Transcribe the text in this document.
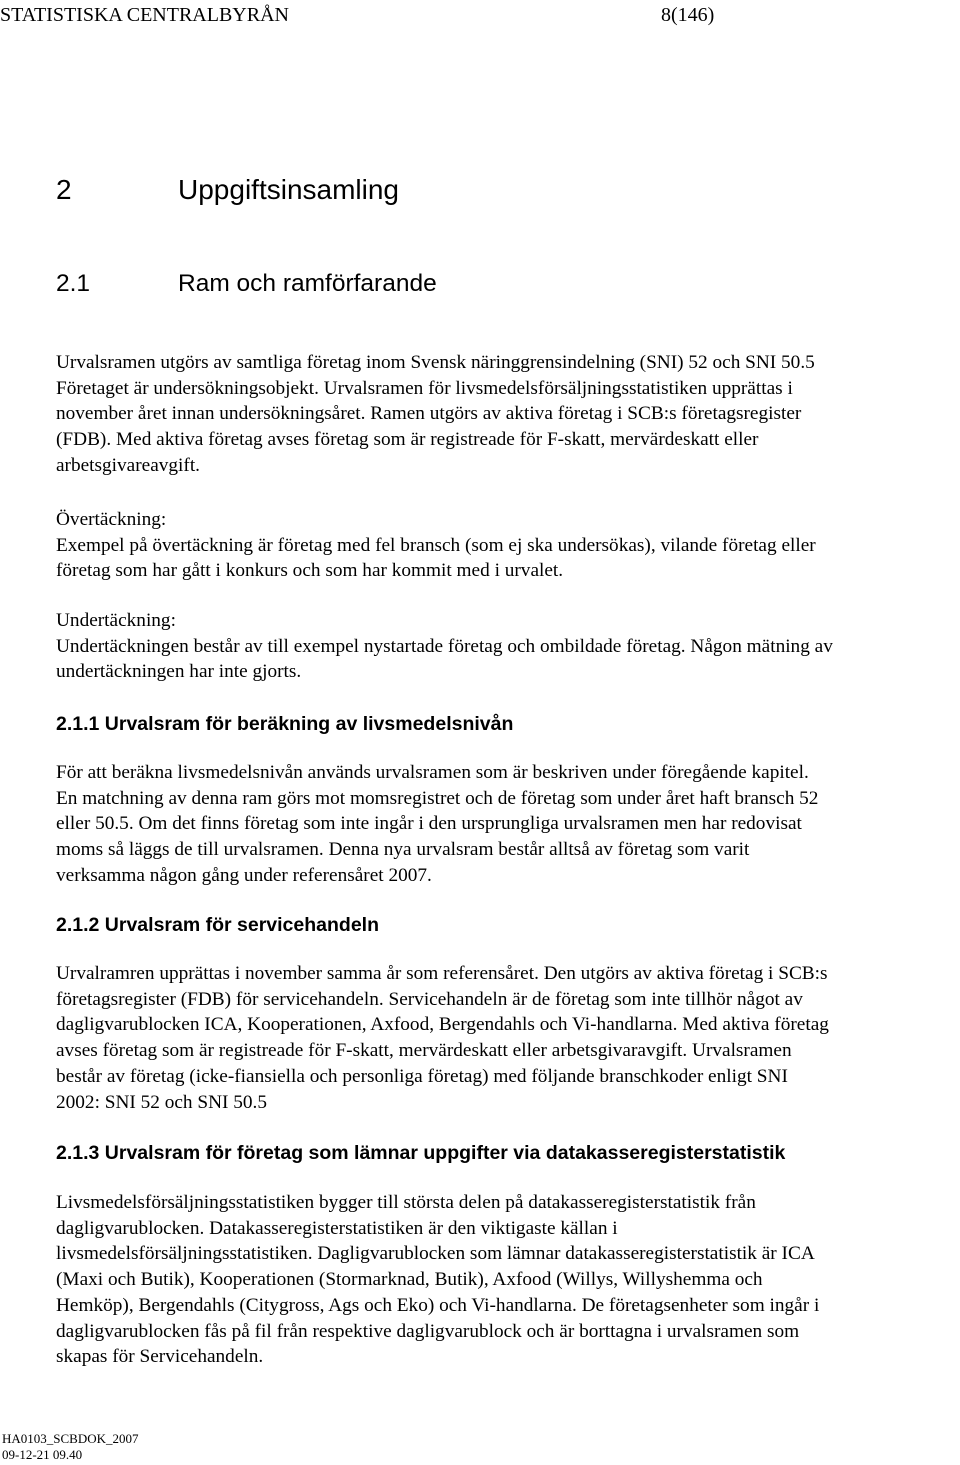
STATISTISKA CENTRALBYRÅN	8(146)
2	Uppgiftsinsamling
2.1	Ram och ramförfarande
Urvalsramen utgörs av samtliga företag inom Svensk näringgrensindelning (SNI) 52 och SNI 50.5
Företaget är undersökningsobjekt. Urvalsramen för livsmedelsförsäljningsstatistiken upprättas i
november året innan undersökningsåret. Ramen utgörs av aktiva företag i SCB:s företagsregister
(FDB). Med aktiva företag avses företag som är registreade för F-skatt, mervärdeskatt eller
arbetsgivareavgift.
Övertäckning:
Exempel på övertäckning är företag med fel bransch (som ej ska undersökas), vilande företag eller
företag som har gått i konkurs och som har kommit med i urvalet.
Undertäckning:
Undertäckningen består av till exempel nystartade företag och ombildade företag. Någon mätning av
undertäckningen har inte gjorts.
2.1.1 Urvalsram för beräkning av livsmedelsnivån
För att beräkna livsmedelsnivån används urvalsramen som är beskriven under föregående kapitel.
En matchning av denna ram görs mot momsregistret och de företag som under året haft bransch 52
eller 50.5. Om det finns företag som inte ingår i den ursprungliga urvalsramen men har redovisat
moms så läggs de till urvalsramen. Denna nya urvalsram består alltså av företag som varit
verksamma någon gång under referensåret 2007.
2.1.2 Urvalsram för servicehandeln
Urvalramren upprättas i november samma år som referensåret. Den utgörs av aktiva företag i SCB:s
företagsregister (FDB) för servicehandeln. Servicehandeln är de företag som inte tillhör något av
dagligvarublocken ICA, Kooperationen, Axfood, Bergendahls och Vi-handlarna. Med aktiva företag
avses företag som är registreade för F-skatt, mervärdeskatt eller arbetsgivaravgift. Urvalsramen
består av företag (icke-fiansiella och personliga företag) med följande branschkoder enligt SNI
2002: SNI 52 och SNI 50.5
2.1.3 Urvalsram för företag som lämnar uppgifter via datakasseregisterstatistik
Livsmedelsförsäljningsstatistiken bygger till största delen på datakasseregisterstatistik från
dagligvarublocken. Datakasseregisterstatistiken är den viktigaste källan i
livsmedelsförsäljningsstatistiken. Dagligvarublocken som lämnar datakasseregisterstatistik är ICA
(Maxi och Butik), Kooperationen (Stormarknad, Butik), Axfood (Willys, Willyshemma och
Hemköp), Bergendahls (Citygross, Ags och Eko) och Vi-handlarna. De företagsenheter som ingår i
dagligvarublocken fås på fil från respektive dagligvarublock och är borttagna i urvalsramen som
skapas för Servicehandeln.
HA0103_SCBDOK_2007
09-12-21 09.40
